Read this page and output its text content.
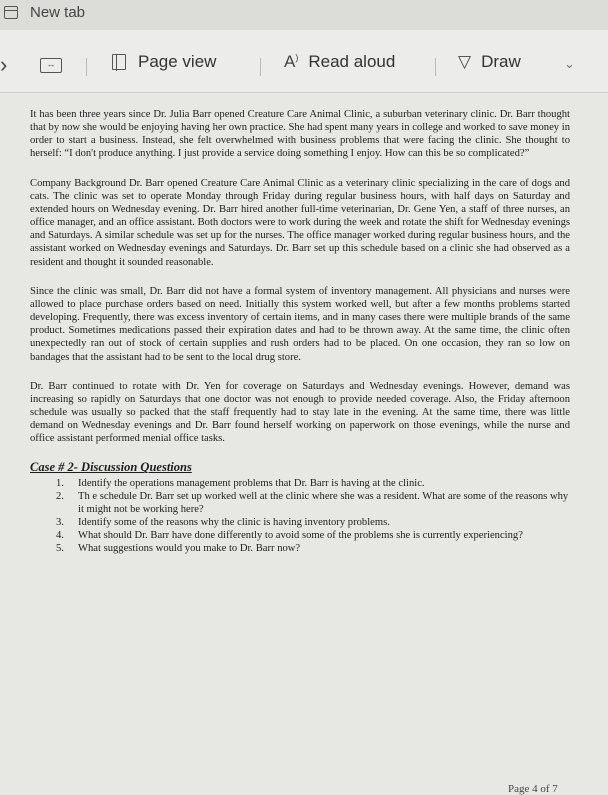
New tab
›	↔	Page view	A) Read aloud	▽ Draw	⌄

It has been three years since Dr. Julia Barr opened Creature Care Animal Clinic, a suburban veterinary clinic. Dr. Barr thought that by now she would be enjoying having her own practice. She had spent many years in college and worked to save money in order to start a business. Instead, she felt overwhelmed with business problems that were facing the clinic. She thought to herself: “I don't produce anything. I just provide a service doing something I enjoy. How can this be so complicated?”

Company Background Dr. Barr opened Creature Care Animal Clinic as a veterinary clinic specializing in the care of dogs and cats. The clinic was set to operate Monday through Friday during regular business hours, with half days on Saturday and extended hours on Wednesday evening. Dr. Barr hired another full-time veterinarian, Dr. Gene Yen, a staff of three nurses, an office manager, and an office assistant. Both doctors were to work during the week and rotate the shift for Wednesday evenings and Saturdays. A similar schedule was set up for the nurses. The office manager worked during regular business hours, and the assistant worked on Wednesday evenings and Saturdays. Dr. Barr set up this schedule based on a clinic she had observed as a resident and thought it sounded reasonable.

Since the clinic was small, Dr. Barr did not have a formal system of inventory management. All physicians and nurses were allowed to place purchase orders based on need. Initially this system worked well, but after a few months problems started developing. Frequently, there was excess inventory of certain items, and in many cases there were multiple brands of the same product. Sometimes medications passed their expiration dates and had to be thrown away. At the same time, the clinic often unexpectedly ran out of stock of certain supplies and rush orders had to be placed. On one occasion, they ran so low on bandages that the assistant had to be sent to the local drug store.

Dr. Barr continued to rotate with Dr. Yen for coverage on Saturdays and Wednesday evenings. However, demand was increasing so rapidly on Saturdays that one doctor was not enough to provide needed coverage. Also, the Friday afternoon schedule was usually so packed that the staff frequently had to stay late in the evening. At the same time, there was little demand on Wednesday evenings and Dr. Barr found herself working on paperwork on those evenings, while the nurse and office assistant performed menial office tasks.

Case # 2- Discussion Questions
1. Identify the operations management problems that Dr. Barr is having at the clinic.
2. Th e schedule Dr. Barr set up worked well at the clinic where she was a resident. What are some of the reasons why it might not be working here?
3. Identify some of the reasons why the clinic is having inventory problems.
4. What should Dr. Barr have done differently to avoid some of the problems she is currently experiencing?
5. What suggestions would you make to Dr. Barr now?
Page 4 of 7
